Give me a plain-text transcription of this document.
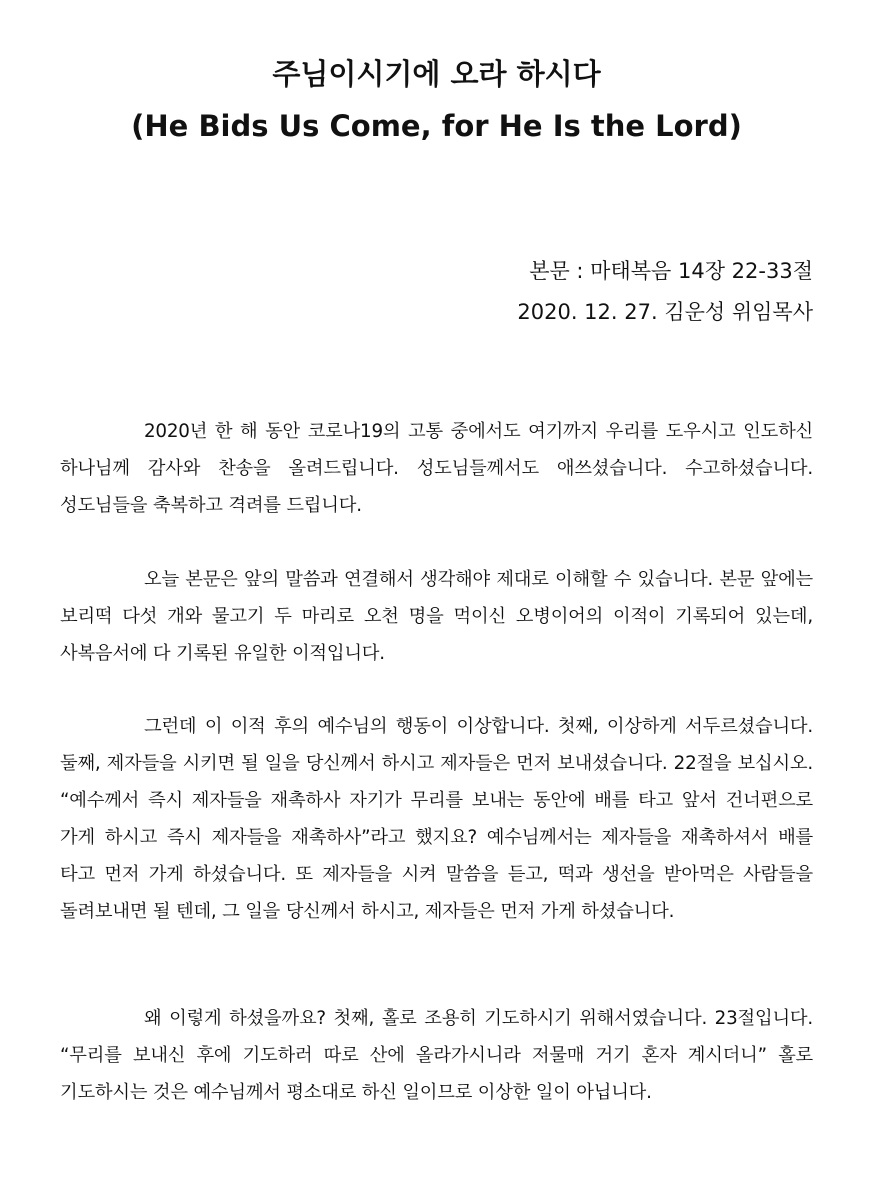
주님이시기에 오라 하시다
(He Bids Us Come, for He Is the Lord)
본문 : 마태복음 14장 22-33절
2020. 12. 27. 김운성 위임목사

2020년 한 해 동안 코로나19의 고통 중에서도 여기까지 우리를 도우시고 인도하신 하나님께 감사와 찬송을 올려드립니다. 성도님들께서도 애쓰셨습니다. 수고하셨습니다. 성도님들을 축복하고 격려를 드립니다.

오늘 본문은 앞의 말씀과 연결해서 생각해야 제대로 이해할 수 있습니다. 본문 앞에는 보리떡 다섯 개와 물고기 두 마리로 오천 명을 먹이신 오병이어의 이적이 기록되어 있는데, 사복음서에 다 기록된 유일한 이적입니다.

그런데 이 이적 후의 예수님의 행동이 이상합니다. 첫째, 이상하게 서두르셨습니다. 둘째, 제자들을 시키면 될 일을 당신께서 하시고 제자들은 먼저 보내셨습니다. 22절을 보십시오. “예수께서 즉시 제자들을 재촉하사 자기가 무리를 보내는 동안에 배를 타고 앞서 건너편으로 가게 하시고 즉시 제자들을 재촉하사”라고 했지요? 예수님께서는 제자들을 재촉하셔서 배를 타고 먼저 가게 하셨습니다. 또 제자들을 시켜 말씀을 듣고, 떡과 생선을 받아먹은 사람들을 돌려보내면 될 텐데, 그 일을 당신께서 하시고, 제자들은 먼저 가게 하셨습니다.

왜 이렇게 하셨을까요? 첫째, 홀로 조용히 기도하시기 위해서였습니다. 23절입니다. “무리를 보내신 후에 기도하러 따로 산에 올라가시니라 저물매 거기 혼자 계시더니” 홀로 기도하시는 것은 예수님께서 평소대로 하신 일이므로 이상한 일이 아닙니다.
